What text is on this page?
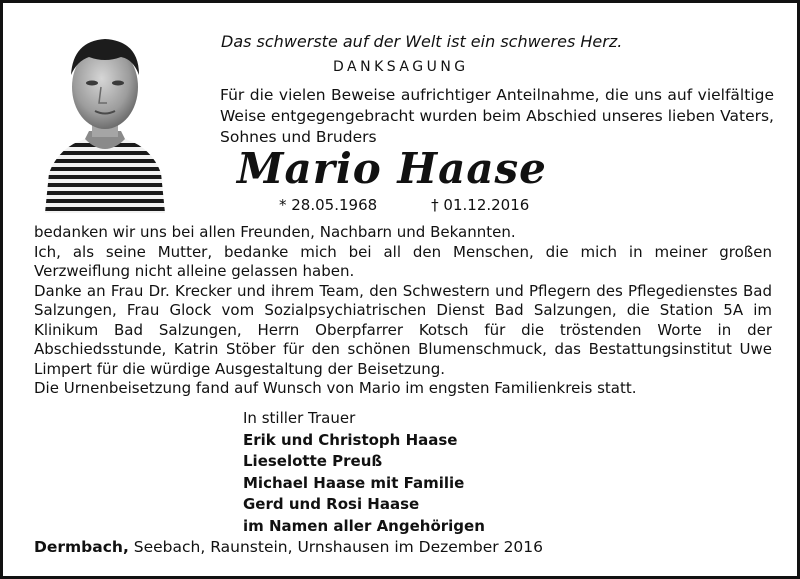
Das schwerste auf der Welt ist ein schweres Herz.
DANKSAGUNG
Für die vielen Beweise aufrichtiger Anteilnahme, die uns auf vielfältige Weise entgegengebracht wurden beim Abschied unseres lieben Vaters, Sohnes und Bruders
Mario Haase
* 28.05.1968	† 01.12.2016

bedanken wir uns bei allen Freunden, Nachbarn und Bekannten.

Ich, als seine Mutter, bedanke mich bei all den Menschen, die mich in meiner großen Verzweiflung nicht alleine gelassen haben.

Danke an Frau Dr. Krecker und ihrem Team, den Schwestern und Pflegern des Pflegedienstes Bad Salzungen, Frau Glock vom Sozialpsychiatrischen Dienst Bad Salzungen, die Station 5A im Klinikum Bad Salzungen, Herrn Oberpfarrer Kotsch für die tröstenden Worte in der Abschiedsstunde, Katrin Stöber für den schönen Blumenschmuck, das Bestattungsinstitut Uwe Limpert für die würdige Ausgestaltung der Beisetzung.

Die Urnenbeisetzung fand auf Wunsch von Mario im engsten Familienkreis statt.

In stiller Trauer
Erik und Christoph Haase
Lieselotte Preuß
Michael Haase mit Familie
Gerd und Rosi Haase
im Namen aller Angehörigen
Dermbach, Seebach, Raunstein, Urnshausen im Dezember 2016
